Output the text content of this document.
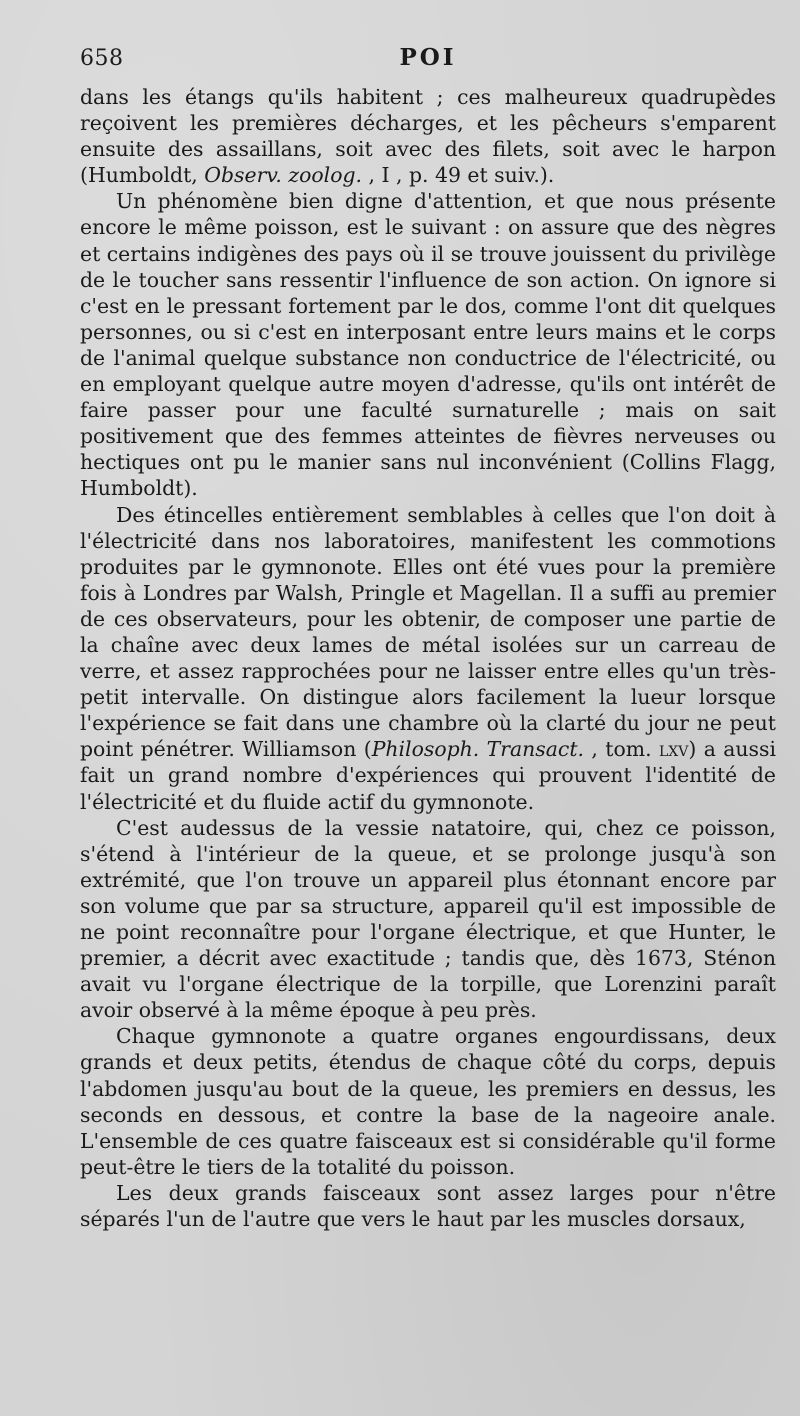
658	POI

dans les étangs qu'ils habitent ; ces malheureux quadrupèdes reçoivent les premières décharges, et les pêcheurs s'emparent ensuite des assaillans, soit avec des filets, soit avec le harpon (Humboldt, Observ. zoolog. , I , p. 49 et suiv.).

Un phénomène bien digne d'attention, et que nous présente encore le même poisson, est le suivant : on assure que des nègres et certains indigènes des pays où il se trouve jouissent du privilège de le toucher sans ressentir l'influence de son action. On ignore si c'est en le pressant fortement par le dos, comme l'ont dit quelques personnes, ou si c'est en interposant entre leurs mains et le corps de l'animal quelque substance non conductrice de l'électricité, ou en employant quelque autre moyen d'adresse, qu'ils ont intérêt de faire passer pour une faculté surnaturelle ; mais on sait positivement que des femmes atteintes de fièvres nerveuses ou hectiques ont pu le manier sans nul inconvénient (Collins Flagg, Humboldt).

Des étincelles entièrement semblables à celles que l'on doit à l'électricité dans nos laboratoires, manifestent les commotions produites par le gymnonote. Elles ont été vues pour la première fois à Londres par Walsh, Pringle et Magellan. Il a suffi au premier de ces observateurs, pour les obtenir, de composer une partie de la chaîne avec deux lames de métal isolées sur un carreau de verre, et assez rapprochées pour ne laisser entre elles qu'un très-petit intervalle. On distingue alors facilement la lueur lorsque l'expérience se fait dans une chambre où la clarté du jour ne peut point pénétrer. Williamson (Philosoph. Transact. , tom. lxv) a aussi fait un grand nombre d'expériences qui prouvent l'identité de l'électricité et du fluide actif du gymnonote.

C'est audessus de la vessie natatoire, qui, chez ce poisson, s'étend à l'intérieur de la queue, et se prolonge jusqu'à son extrémité, que l'on trouve un appareil plus étonnant encore par son volume que par sa structure, appareil qu'il est impossible de ne point reconnaître pour l'organe électrique, et que Hunter, le premier, a décrit avec exactitude ; tandis que, dès 1673, Sténon avait vu l'organe électrique de la torpille, que Lorenzini paraît avoir observé à la même époque à peu près.

Chaque gymnonote a quatre organes engourdissans, deux grands et deux petits, étendus de chaque côté du corps, depuis l'abdomen jusqu'au bout de la queue, les premiers en dessus, les seconds en dessous, et contre la base de la nageoire anale. L'ensemble de ces quatre faisceaux est si considérable qu'il forme peut-être le tiers de la totalité du poisson.

Les deux grands faisceaux sont assez larges pour n'être séparés l'un de l'autre que vers le haut par les muscles dorsaux,
